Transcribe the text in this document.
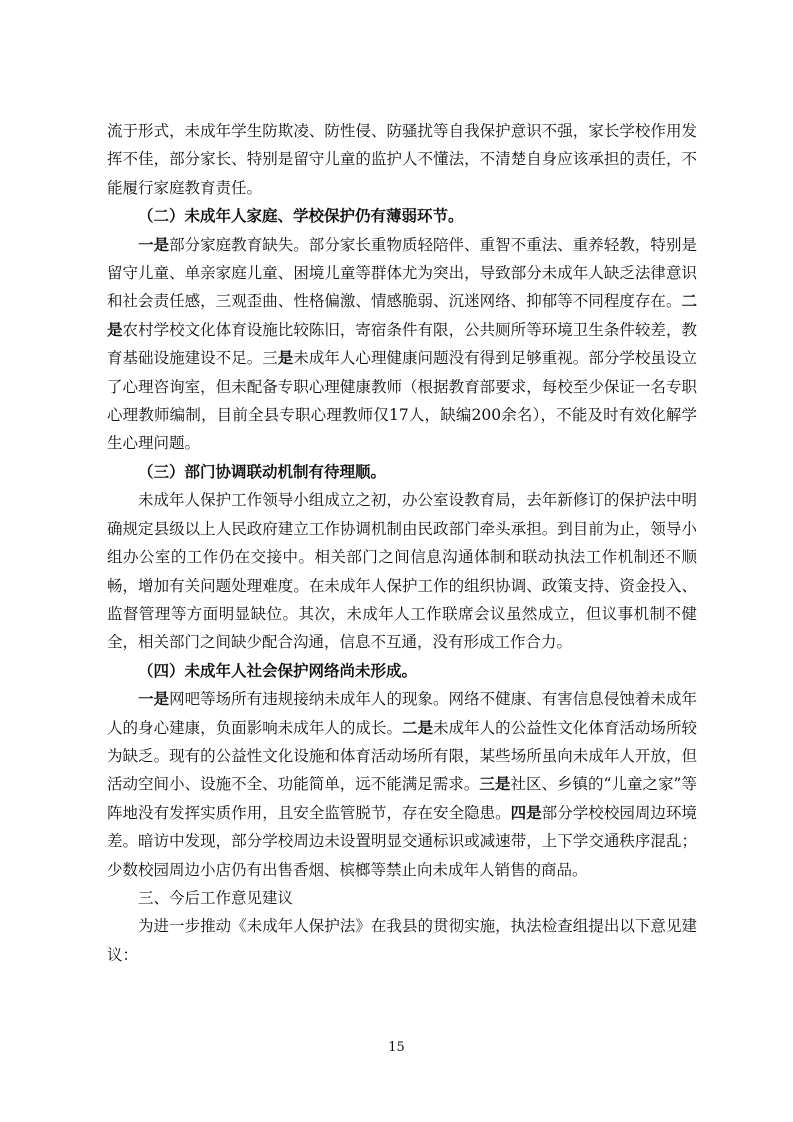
流于形式，未成年学生防欺凌、防性侵、防骚扰等自我保护意识不强，家长学校作用发挥不佳，部分家长、特别是留守儿童的监护人不懂法，不清楚自身应该承担的责任，不能履行家庭教育责任。

（二）未成年人家庭、学校保护仍有薄弱环节。

一是部分家庭教育缺失。部分家长重物质轻陪伴、重智不重法、重养轻教，特别是留守儿童、单亲家庭儿童、困境儿童等群体尤为突出，导致部分未成年人缺乏法律意识和社会责任感，三观歪曲、性格偏激、情感脆弱、沉迷网络、抑郁等不同程度存在。二是农村学校文化体育设施比较陈旧，寄宿条件有限，公共厕所等环境卫生条件较差，教育基础设施建设不足。三是未成年人心理健康问题没有得到足够重视。部分学校虽设立了心理咨询室，但未配备专职心理健康教师（根据教育部要求，每校至少保证一名专职心理教师编制，目前全县专职心理教师仅17人，缺编200余名），不能及时有效化解学生心理问题。

（三）部门协调联动机制有待理顺。

未成年人保护工作领导小组成立之初，办公室设教育局，去年新修订的保护法中明确规定县级以上人民政府建立工作协调机制由民政部门牵头承担。到目前为止，领导小组办公室的工作仍在交接中。相关部门之间信息沟通体制和联动执法工作机制还不顺畅，增加有关问题处理难度。在未成年人保护工作的组织协调、政策支持、资金投入、监督管理等方面明显缺位。其次，未成年人工作联席会议虽然成立，但议事机制不健全，相关部门之间缺少配合沟通，信息不互通，没有形成工作合力。

（四）未成年人社会保护网络尚未形成。

一是网吧等场所有违规接纳未成年人的现象。网络不健康、有害信息侵蚀着未成年人的身心建康，负面影响未成年人的成长。二是未成年人的公益性文化体育活动场所较为缺乏。现有的公益性文化设施和体育活动场所有限，某些场所虽向未成年人开放，但活动空间小、设施不全、功能简单，远不能满足需求。三是社区、乡镇的“儿童之家”等阵地没有发挥实质作用，且安全监管脱节，存在安全隐患。四是部分学校校园周边环境差。暗访中发现，部分学校周边未设置明显交通标识或减速带，上下学交通秩序混乱；少数校园周边小店仍有出售香烟、槟榔等禁止向未成年人销售的商品。

三、今后工作意见建议

为进一步推动《未成年人保护法》在我县的贯彻实施，执法检查组提出以下意见建议：

15
